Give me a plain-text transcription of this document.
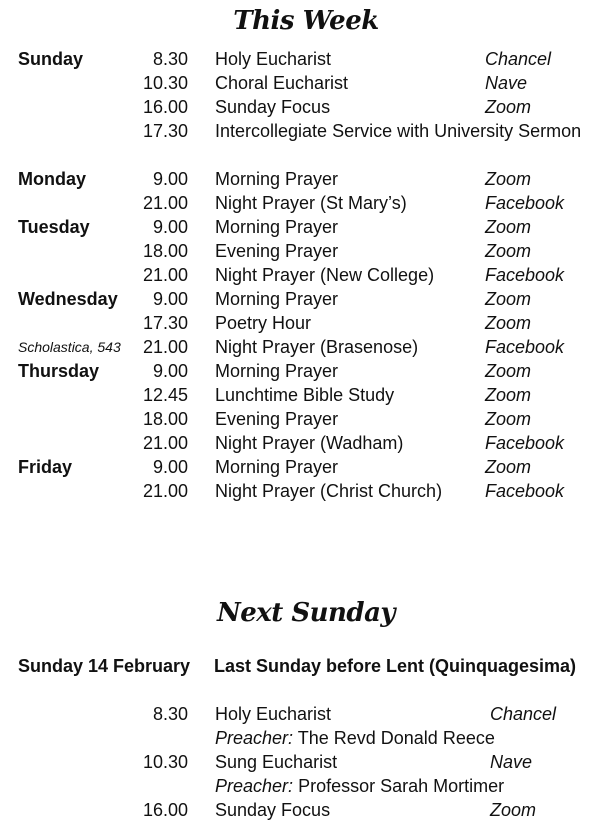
This Week
Sunday	8.30 Holy Eucharist	Chancel
10.30 Choral Eucharist	Nave
16.00 Sunday Focus	Zoom
17.30 Intercollegiate Service with University Sermon
Monday	9.00 Morning Prayer	Zoom
21.00 Night Prayer (St Mary’s)	Facebook
Tuesday	9.00 Morning Prayer	Zoom
18.00 Evening Prayer	Zoom
21.00 Night Prayer (New College)	Facebook
Wednesday	9.00 Morning Prayer	Zoom
17.30 Poetry Hour	Zoom
Scholastica, 543	21.00 Night Prayer (Brasenose)	Facebook
Thursday	9.00 Morning Prayer	Zoom
12.45 Lunchtime Bible Study	Zoom
18.00 Evening Prayer	Zoom
21.00 Night Prayer (Wadham)	Facebook
Friday	9.00 Morning Prayer	Zoom
21.00 Night Prayer (Christ Church) Facebook
Next Sunday
Sunday 14 February Last Sunday before Lent (Quinquagesima)
8.30 Holy Eucharist	Chancel
Preacher: The Revd Donald Reece
10.30 Sung Eucharist	Nave
Preacher: Professor Sarah Mortimer
16.00 Sunday Focus	Zoom
